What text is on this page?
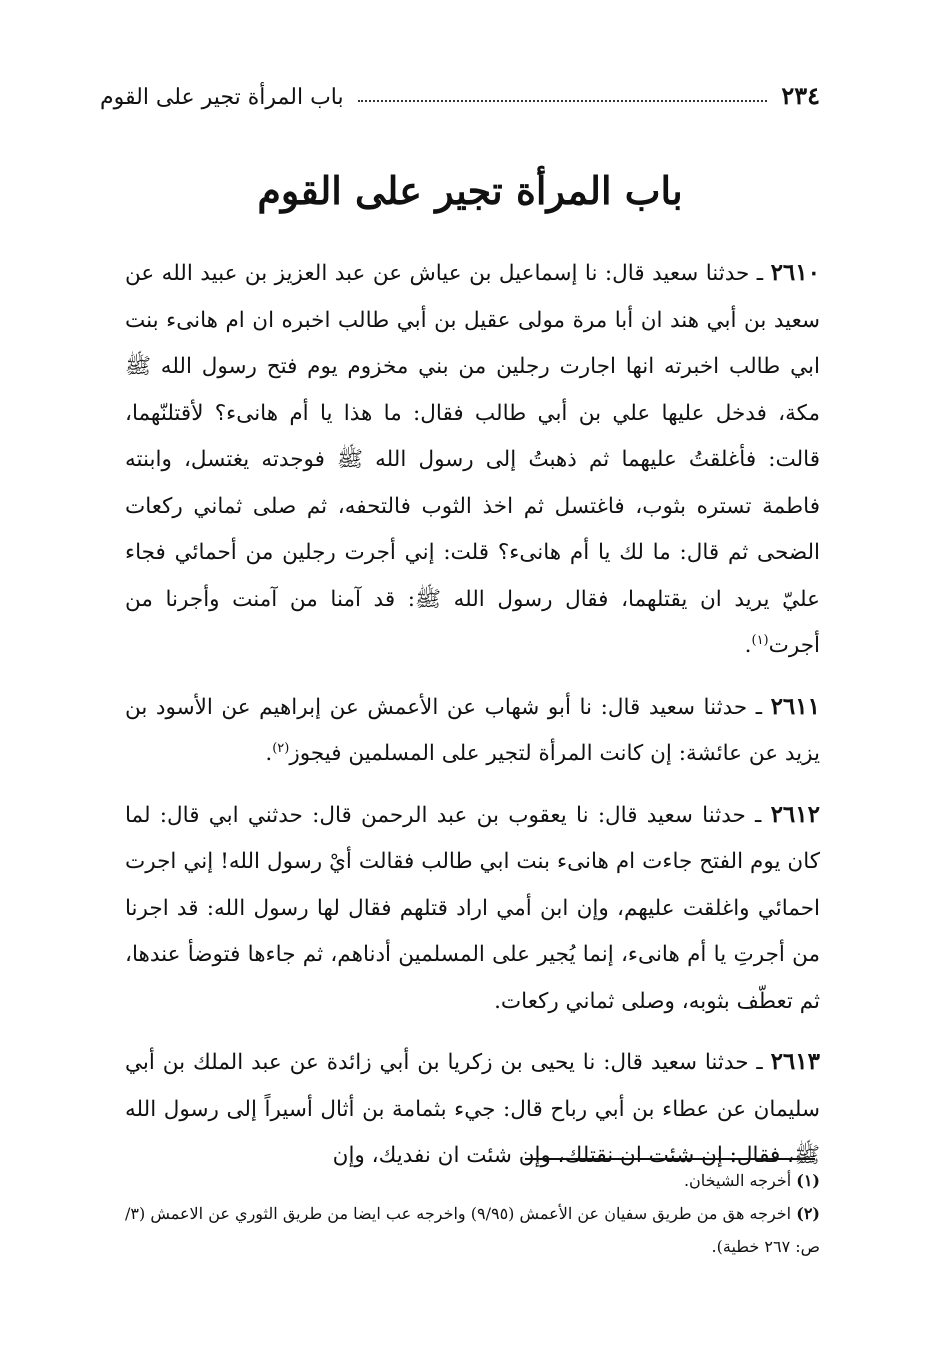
٢٣٤
باب المرأة تجير على القوم
باب المرأة تجير على القوم

٢٦١٠ ـ حدثنا سعيد قال: نا إسماعيل بن عياش عن عبد العزيز بن عبيد الله عن سعيد بن أبي هند ان أبا مرة مولى عقيل بن أبي طالب اخبره ان ام هانىء بنت ابي طالب اخبرته انها اجارت رجلين من بني مخزوم يوم فتح رسول الله ﷺ مكة، فدخل عليها علي بن أبي طالب فقال: ما هذا يا أم هانىء؟ لأقتلنّهما، قالت: فأغلقتُ عليهما ثم ذهبتُ إلى رسول الله ﷺ فوجدته يغتسل، وابنته فاطمة تستره بثوب، فاغتسل ثم اخذ الثوب فالتحفه، ثم صلى ثماني ركعات الضحى ثم قال: ما لك يا أم هانىء؟ قلت: إني أجرت رجلين من أحمائي فجاء عليّ يريد ان يقتلهما، فقال رسول الله ﷺ: قد آمنا من آمنت وأجرنا من أجرت$^{(١)}$.

٢٦١١ ـ حدثنا سعيد قال: نا أبو شهاب عن الأعمش عن إبراهيم عن الأسود بن يزيد عن عائشة: إن كانت المرأة لتجير على المسلمين فيجوز$^{(٢)}$.

٢٦١٢ ـ حدثنا سعيد قال: نا يعقوب بن عبد الرحمن قال: حدثني ابي قال: لما كان يوم الفتح جاءت ام هانىء بنت ابي طالب فقالت أيْ رسول الله! إني اجرت احمائي واغلقت عليهم، وإن ابن أمي اراد قتلهم فقال لها رسول الله: قد اجرنا من أجرتِ يا أم هانىء، إنما يُجير على المسلمين أدناهم، ثم جاءها فتوضأ عندها، ثم تعطّف بثوبه، وصلى ثماني ركعات.

٢٦١٣ ـ حدثنا سعيد قال: نا يحيى بن زكريا بن أبي زائدة عن عبد الملك بن أبي سليمان عن عطاء بن أبي رباح قال: جيء بثمامة بن أثال أسيراً إلى رسول الله ﷺ، فقال: إن شئت ان نقتلك، وإن شئت ان نفديك، وإن

(١) أخرجه الشيخان.

(٢) اخرجه هق من طريق سفيان عن الأعمش (٩/٩٥) واخرجه عب ايضا من طريق الثوري عن الاعمش (٣/ ص: ٢٦٧ خطية).
